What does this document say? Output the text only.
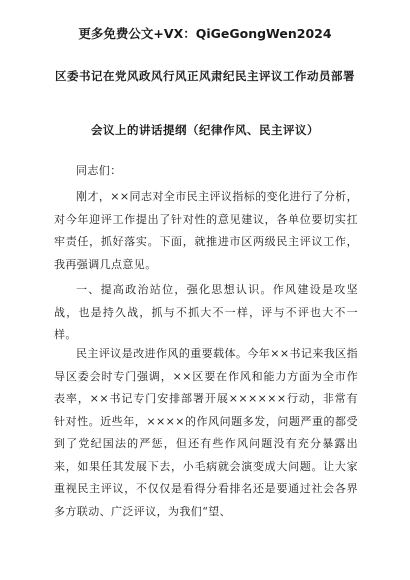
更多免费公文+VX：QiGeGongWen2024
区委书记在党风政风行风正风肃纪民主评议工作动员部署
会议上的讲话提纲（纪律作风、民主评议）
同志们：

刚才，××同志对全市民主评议指标的变化进行了分析，对今年迎评工作提出了针对性的意见建议，各单位要切实扛牢责任，抓好落实。下面，就推进市区两级民主评议工作，我再强调几点意见。

一、提高政治站位，强化思想认识。作风建设是攻坚战，也是持久战，抓与不抓大不一样，评与不评也大不一样。

民主评议是改进作风的重要载体。今年××书记来我区指导区委会时专门强调，××区要在作风和能力方面为全市作表率，××书记专门安排部署开展××××××行动，非常有针对性。近些年，××××的作风问题多发，问题严重的都受到了党纪国法的严惩，但还有些作风问题没有充分暴露出来，如果任其发展下去，小毛病就会演变成大问题。让大家重视民主评议，不仅仅是看得分看排名还是要通过社会各界多方联动、广泛评议，为我们“望、
